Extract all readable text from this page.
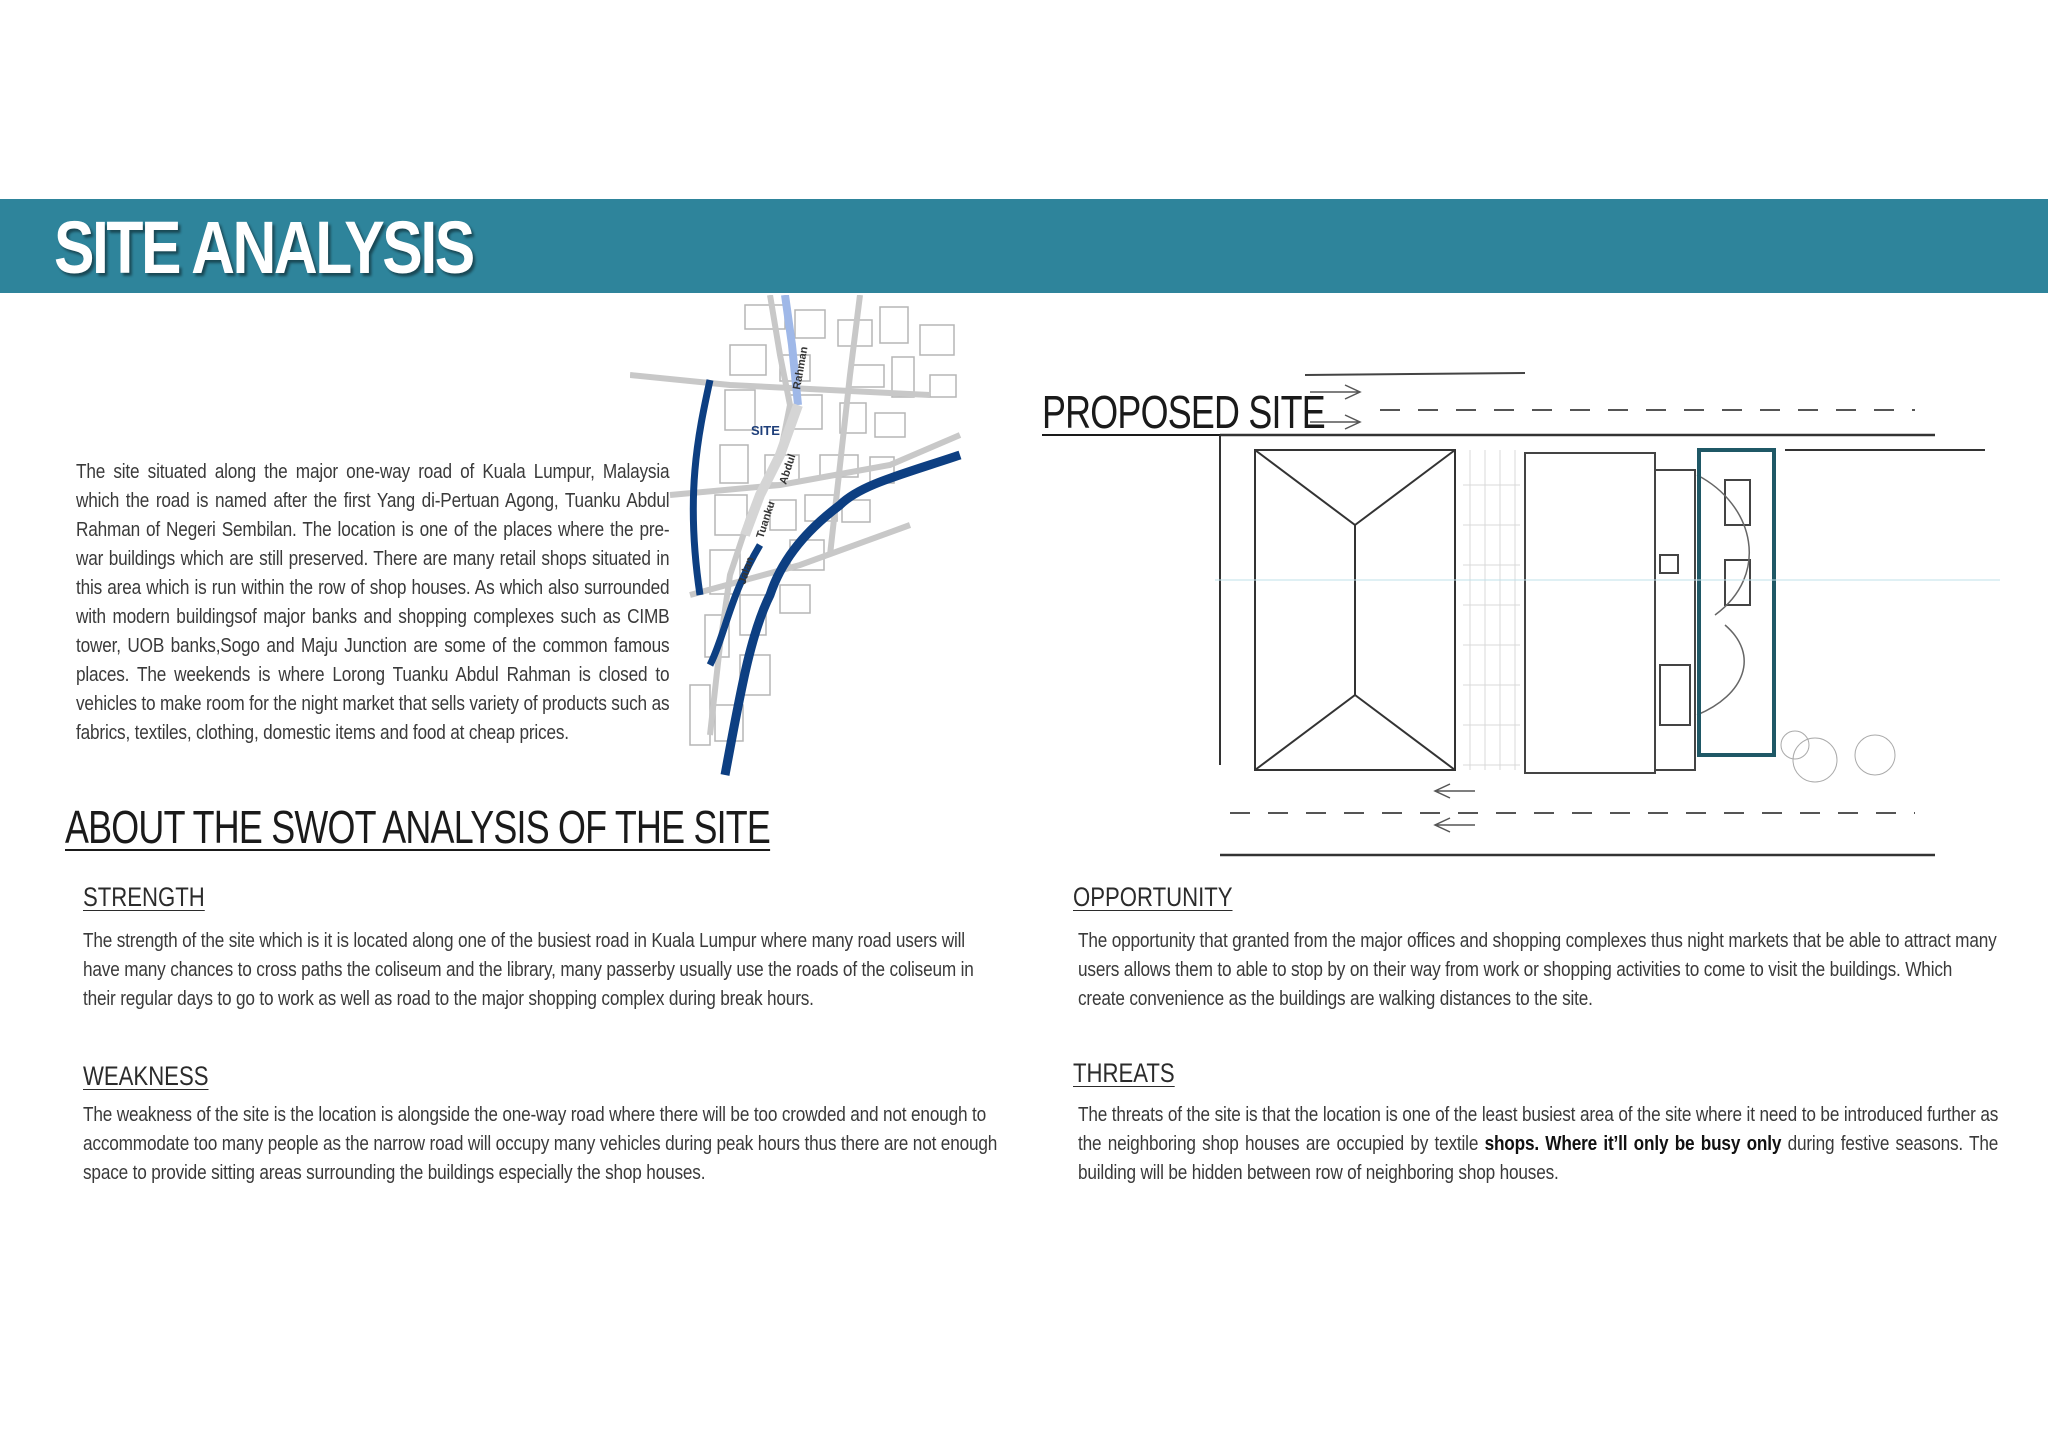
SITE ANALYSIS
SITE
Jalan
Tuanku
Abdul
Rahman
The site situated along the major one-way road of Kuala Lumpur, Malaysia which the road is named after the first Yang di-Pertuan Agong, Tuanku Abdul Rahman of Negeri Sembilan. The location is one of the places where the pre-war buildings which are still preserved. There are many retail shops situated in this area which is run within the row of shop houses. As which also surrounded with modern buildingsof major banks and shopping complexes such as CIMB tower, UOB banks,Sogo and Maju Junction are some of the common famous places. The weekends is where Lorong Tuanku Abdul Rahman is closed to vehicles to make room for the night market that sells variety of products such as fabrics, textiles, clothing, domestic items and food at cheap prices.
PROPOSED SITE
ABOUT THE SWOT ANALYSIS OF THE SITE
STRENGTH
The strength of the site which is it is located along one of the busiest road in Kuala Lumpur where many road users will have many chances to cross paths the coliseum and the library, many passerby usually use the roads of the coliseum in their regular days to go to work as well as road to the major shopping complex during break hours.
WEAKNESS
The weakness of the site is the location is alongside the one-way road where there will be too crowded and not enough to accommodate too many people as the narrow road will occupy many vehicles during peak hours thus there are not enough space to provide sitting areas surrounding the buildings especially the shop houses.
OPPORTUNITY
The opportunity that granted from the major offices and shopping complexes thus night markets that be able to attract many users allows them to able to stop by on their way from work or shopping activities to come to visit the buildings. Which create convenience as the buildings are walking distances to the site.
THREATS
The threats of the site is that the location is one of the least busiest area of the site where it need to be introduced further as the neighboring shop houses are occupied by textile shops. Where it’ll only be busy only during festive seasons. The building will be hidden between row of neighboring shop houses.
